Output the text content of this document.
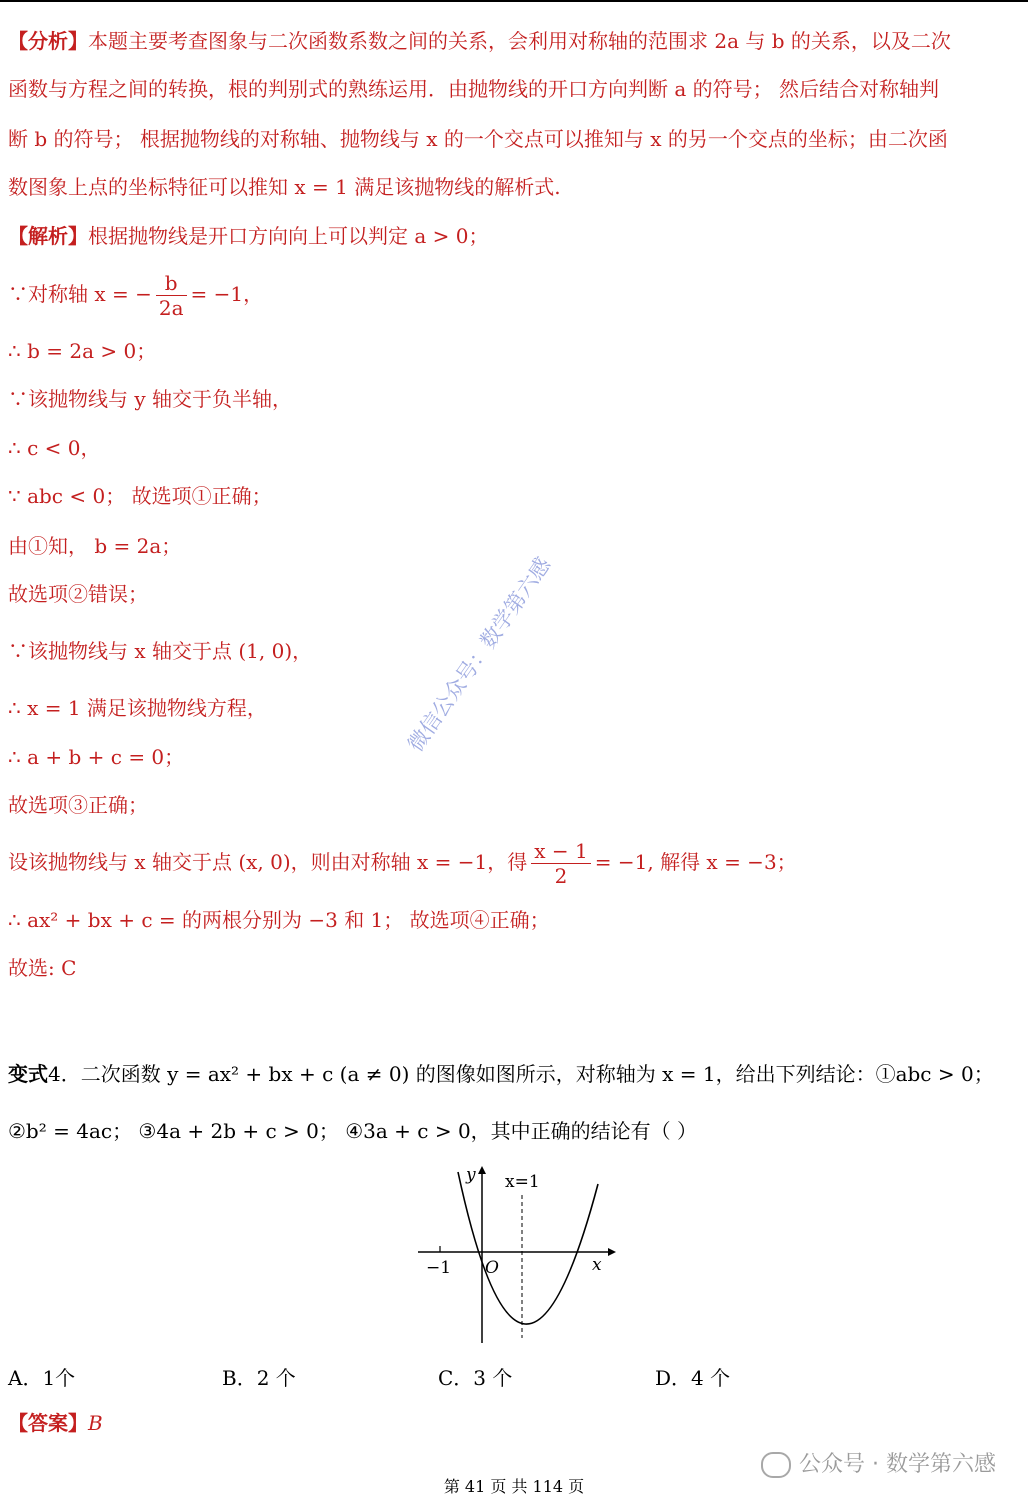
【分析】本题主要考查图象与二次函数系数之间的关系，会利用对称轴的范围求 2a 与 b 的关系，以及二次
函数与方程之间的转换，根的判别式的熟练运用．由抛物线的开口方向判断 a 的符号； 然后结合对称轴判
断 b 的符号； 根据抛物线的对称轴、抛物线与 x 的一个交点可以推知与 x 的另一个交点的坐标；由二次函
数图象上点的坐标特征可以推知 x = 1 满足该抛物线的解析式.
【解析】根据抛物线是开口方向向上可以判定 a > 0；
∵对称轴 x = − $\frac{b}{2a} = -1$，
∴ b = 2a > 0；
∵该抛物线与 y 轴交于负半轴，
∴ c < 0，
∵ abc < 0； 故选项①正确；
由①知， b = 2a；
故选项②错误；
∵该抛物线与 x 轴交于点 (1, 0)，
∴ x = 1 满足该抛物线方程，
∴ a + b + c = 0；
故选项③正确；
设该抛物线与 x 轴交于点 (x, 0)，则由对称轴 x = −1，得 $\frac{x - 1}{2} = -1$, 解得 x = −3；
∴ ax² + bx + c = 的两根分别为 −3 和 1； 故选项④正确；
故选: C
变式4．二次函数 y = ax² + bx + c (a ≠ 0) 的图像如图所示，对称轴为 x = 1，给出下列结论：①abc > 0；
②b² = 4ac； ③4a + 2b + c > 0； ④3a + c > 0，其中正确的结论有（ ）
y x=1
−1 O	x
A．1个	B．2 个	C．3 个	D．4 个
【答案】B
微信公众号：数学第六感
公众号 · 数学第六感
第 41 页 共 114 页
